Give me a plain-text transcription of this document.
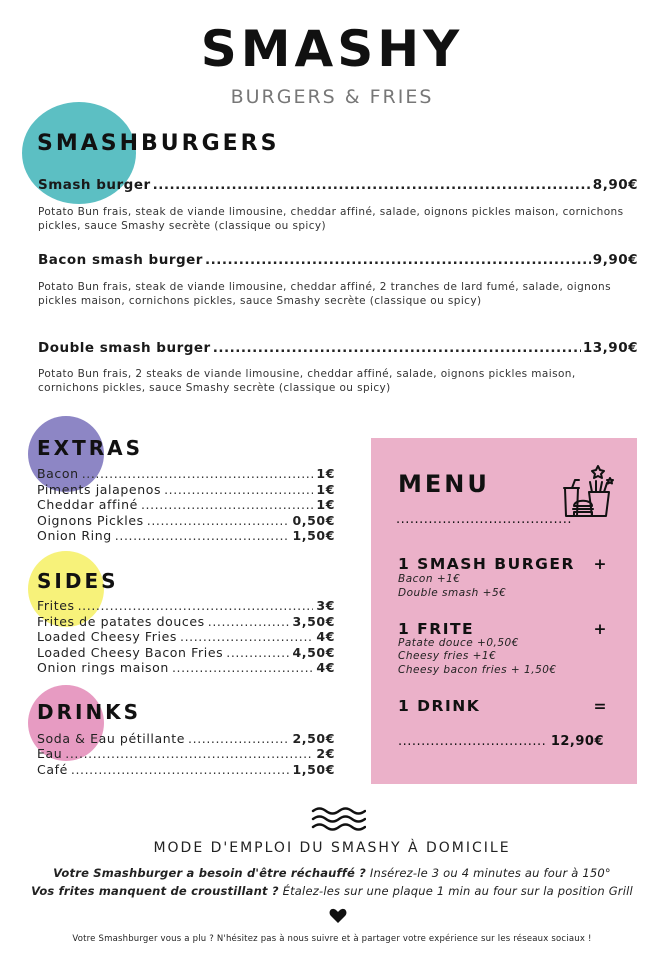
SMASHY
BURGERS & FRIES
SMASHBURGERS
Smash burger .....	8,90€
Potato Bun frais, steak de viande limousine, cheddar affiné, salade, oignons pickles maison, cornichons pickles, sauce Smashy secrète (classique ou spicy)
Bacon smash burger .....	9,90€
Potato Bun frais, steak de viande limousine, cheddar affiné, 2 tranches de lard fumé, salade, oignons pickles maison, cornichons pickles, sauce Smashy secrète (classique ou spicy)
Double smash burger .....	13,90€
Potato Bun frais, 2 steaks de viande limousine, cheddar affiné, salade, oignons pickles maison, cornichons pickles, sauce Smashy secrète (classique ou spicy)
EXTRAS
Bacon .....	1€
Piments jalapenos .....	1€
Cheddar affiné .....	1€
Oignons Pickles .....	0,50€
Onion Ring .....	1,50€
SIDES
Frites .....	3€
Frites de patates douces .....	3,50€
Loaded Cheesy Fries .....	4€
Loaded Cheesy Bacon Fries .....	4,50€
Onion rings maison .....	4€
DRINKS
Soda & Eau pétillante .....	2,50€
Eau .....	2€
Café .....	1,50€
MENU
......................................
1 SMASH BURGER +
Bacon +1€
Double smash +5€
1 FRITE	+
Patate douce +0,50€
Cheesy fries +1€
Cheesy bacon fries + 1,50€
1 DRINK	=
.....
12,90€
MODE D'EMPLOI DU SMASHY À DOMICILE
Votre Smashburger a besoin d'être réchauffé ? Insérez-le 3 ou 4 minutes au four à 150°
Vos frites manquent de croustillant ? Étalez-les sur une plaque 1 min au four sur la position Grill
Votre Smashburger vous a plu ? N'hésitez pas à nous suivre et à partager votre expérience sur les réseaux sociaux !
